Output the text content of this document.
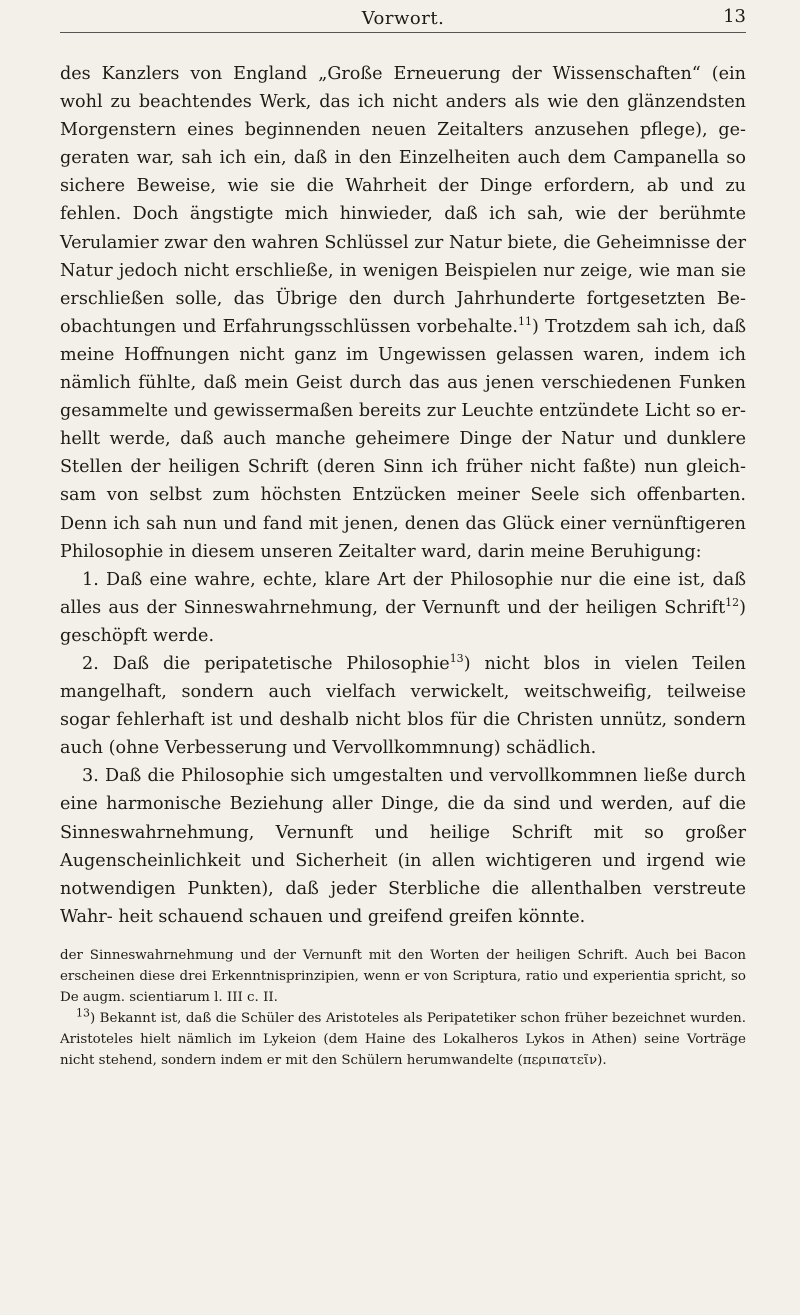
Vorwort.	13

des Kanzlers von England „Große Erneuerung der Wissenschaften“ (ein wohl zu beachtendes Werk, das ich nicht anders als wie den glänzendsten Morgenstern eines beginnenden neuen Zeitalters anzusehen pflege), ge- geraten war, sah ich ein, daß in den Einzelheiten auch dem Campanella so sichere Beweise, wie sie die Wahrheit der Dinge erfordern, ab und zu fehlen. Doch ängstigte mich hinwieder, daß ich sah, wie der berühmte Verulamier zwar den wahren Schlüssel zur Natur biete, die Geheimnisse der Natur jedoch nicht erschließe, in wenigen Beispielen nur zeige, wie man sie erschließen solle, das Übrige den durch Jahrhunderte fortgesetzten Be- obachtungen und Erfahrungsschlüssen vorbehalte.$^{11}$) Trotzdem sah ich, daß meine Hoffnungen nicht ganz im Ungewissen gelassen waren, indem ich nämlich fühlte, daß mein Geist durch das aus jenen verschiedenen Funken gesammelte und gewissermaßen bereits zur Leuchte entzündete Licht so er- hellt werde, daß auch manche geheimere Dinge der Natur und dunklere Stellen der heiligen Schrift (deren Sinn ich früher nicht faßte) nun gleich- sam von selbst zum höchsten Entzücken meiner Seele sich offenbarten. Denn ich sah nun und fand mit jenen, denen das Glück einer vernünftigeren Philosophie in diesem unseren Zeitalter ward, darin meine Beruhigung:

1. Daß eine wahre, echte, klare Art der Philosophie nur die eine ist, daß alles aus der Sinneswahrnehmung, der Vernunft und der heiligen Schrift$^{12}$) geschöpft werde.

2. Daß die peripatetische Philosophie$^{13}$) nicht blos in vielen Teilen mangelhaft, sondern auch vielfach verwickelt, weitschweifig, teilweise sogar fehlerhaft ist und deshalb nicht blos für die Christen unnütz, sondern auch (ohne Verbesserung und Vervollkommnung) schädlich.

3. Daß die Philosophie sich umgestalten und vervollkommnen ließe durch eine harmonische Beziehung aller Dinge, die da sind und werden, auf die Sinneswahrnehmung, Vernunft und heilige Schrift mit so großer Augenscheinlichkeit und Sicherheit (in allen wichtigeren und irgend wie notwendigen Punkten), daß jeder Sterbliche die allenthalben verstreute Wahr- heit schauend schauen und greifend greifen könnte.

der Sinneswahrnehmung und der Vernunft mit den Worten der heiligen Schrift. Auch bei Bacon erscheinen diese drei Erkenntnisprinzipien, wenn er von Scriptura, ratio und experientia spricht, so De augm. scientiarum l. III c. II.

$^{13}$) Bekannt ist, daß die Schüler des Aristoteles als Peripatetiker schon früher bezeichnet wurden. Aristoteles hielt nämlich im Lykeion (dem Haine des Lokalheros Lykos in Athen) seine Vorträge nicht stehend, sondern indem er mit den Schülern herumwandelte (περιπατεῖν).
